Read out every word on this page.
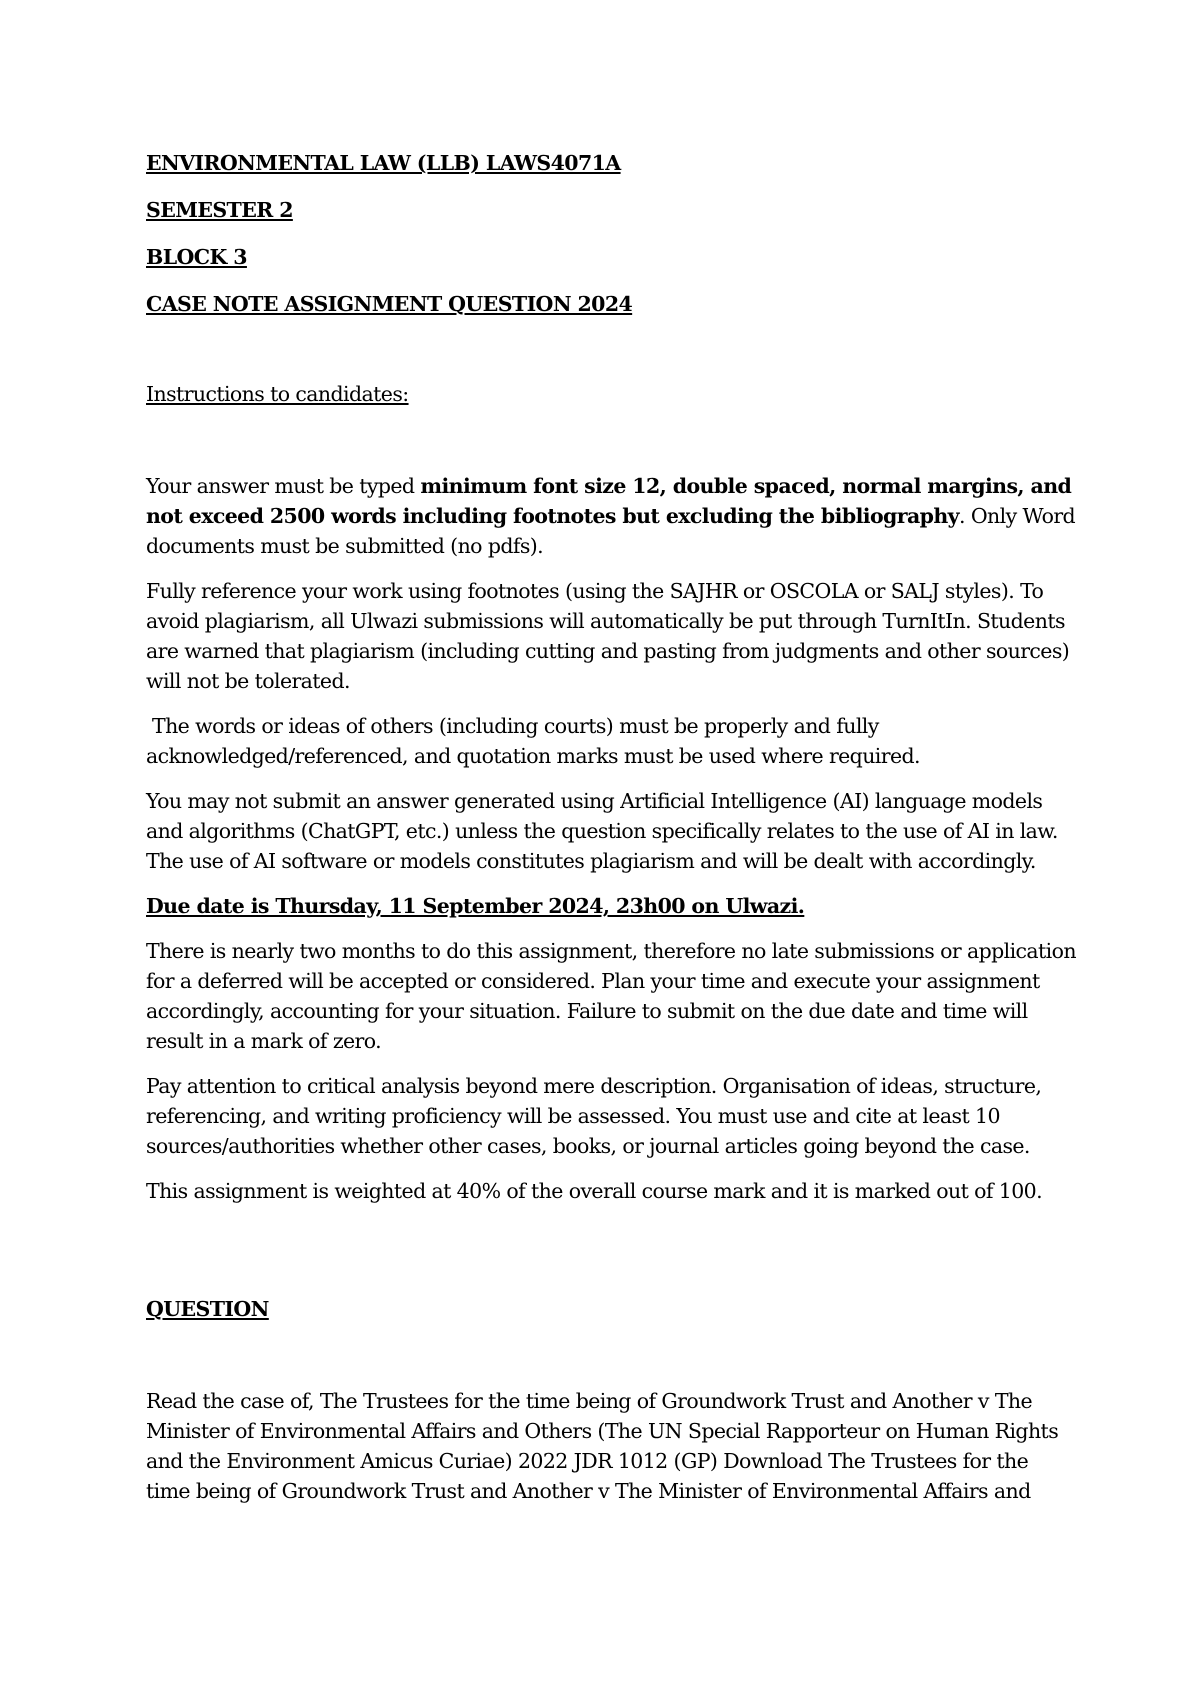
ENVIRONMENTAL LAW (LLB) LAWS4071A
SEMESTER 2
BLOCK 3
CASE NOTE ASSIGNMENT QUESTION 2024
Instructions to candidates:

Your answer must be typed minimum font size 12, double spaced, normal margins, and not exceed 2500 words including footnotes but excluding the bibliography. Only Word documents must be submitted (no pdfs).

Fully reference your work using footnotes (using the SAJHR or OSCOLA or SALJ styles). To avoid plagiarism, all Ulwazi submissions will automatically be put through TurnItIn. Students are warned that plagiarism (including cutting and pasting from judgments and other sources) will not be tolerated.

The words or ideas of others (including courts) must be properly and fully acknowledged/referenced, and quotation marks must be used where required.

You may not submit an answer generated using Artificial Intelligence (AI) language models and algorithms (ChatGPT, etc.) unless the question specifically relates to the use of AI in law. The use of AI software or models constitutes plagiarism and will be dealt with accordingly.

Due date is Thursday, 11 September 2024, 23h00 on Ulwazi.

There is nearly two months to do this assignment, therefore no late submissions or application for a deferred will be accepted or considered. Plan your time and execute your assignment accordingly, accounting for your situation. Failure to submit on the due date and time will result in a mark of zero.

Pay attention to critical analysis beyond mere description. Organisation of ideas, structure, referencing, and writing proficiency will be assessed. You must use and cite at least 10 sources/authorities whether other cases, books, or journal articles going beyond the case.

This assignment is weighted at 40% of the overall course mark and it is marked out of 100.

QUESTION

Read the case of, The Trustees for the time being of Groundwork Trust and Another v The Minister of Environmental Affairs and Others (The UN Special Rapporteur on Human Rights and the Environment Amicus Curiae) 2022 JDR 1012 (GP) Download The Trustees for the time being of Groundwork Trust and Another v The Minister of Environmental Affairs and
